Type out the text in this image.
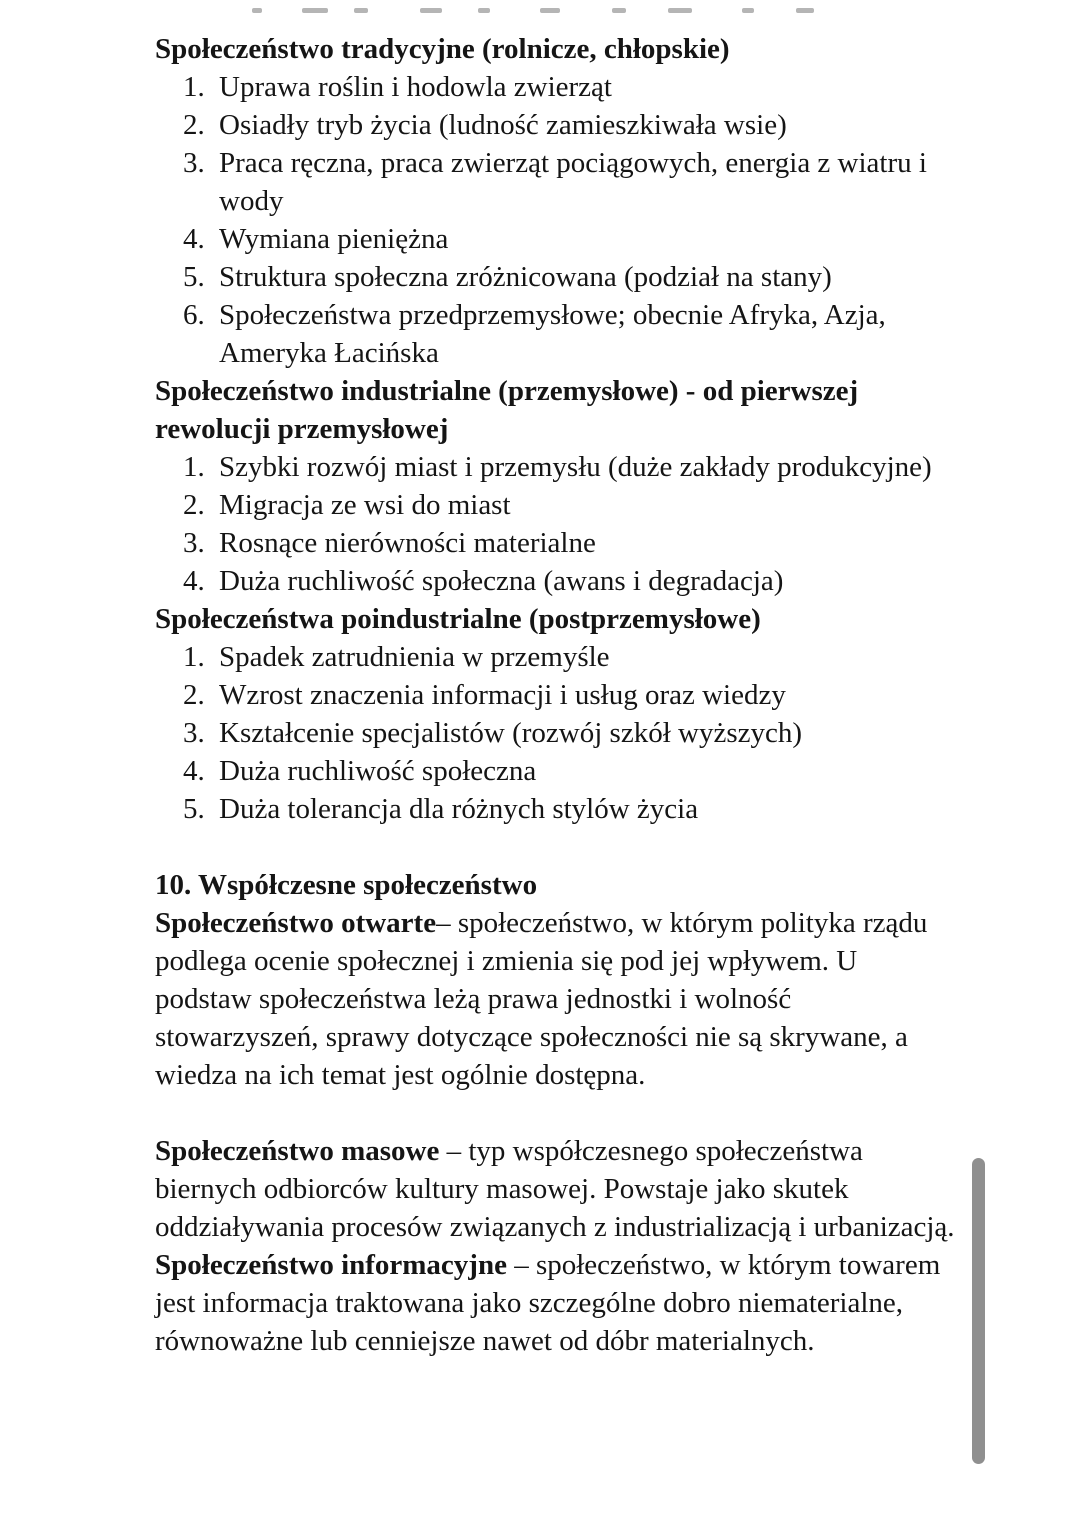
Społeczeństwo tradycyjne (rolnicze, chłopskie)
1. Uprawa roślin i hodowla zwierząt
2. Osiadły tryb życia (ludność zamieszkiwała wsie)
3. Praca ręczna, praca zwierząt pociągowych, energia z wiatru i wody
4. Wymiana pieniężna
5. Struktura społeczna zróżnicowana (podział na stany)
6. Społeczeństwa przedprzemysłowe; obecnie Afryka, Azja, Ameryka Łacińska
Społeczeństwo industrialne (przemysłowe) - od pierwszej rewolucji przemysłowej
1. Szybki rozwój miast i przemysłu (duże zakłady produkcyjne)
2. Migracja ze wsi do miast
3. Rosnące nierówności materialne
4. Duża ruchliwość społeczna (awans i degradacja)
Społeczeństwa poindustrialne (postprzemysłowe)
1. Spadek zatrudnienia w przemyśle
2. Wzrost znaczenia informacji i usług oraz wiedzy
3. Kształcenie specjalistów (rozwój szkół wyższych)
4. Duża ruchliwość społeczna
5. Duża tolerancja dla różnych stylów życia
10. Współczesne społeczeństwo
Społeczeństwo otwarte– społeczeństwo, w którym polityka rządu podlega ocenie społecznej i zmienia się pod jej wpływem. U podstaw społeczeństwa leżą prawa jednostki i wolność stowarzyszeń, sprawy dotyczące społeczności nie są skrywane, a wiedza na ich temat jest ogólnie dostępna.
Społeczeństwo masowe – typ współczesnego społeczeństwa biernych odbiorców kultury masowej. Powstaje jako skutek oddziaływania procesów związanych z industrializacją i urbanizacją.
Społeczeństwo informacyjne – społeczeństwo, w którym towarem jest informacja traktowana jako szczególne dobro niematerialne, równoważne lub cenniejsze nawet od dóbr materialnych.
